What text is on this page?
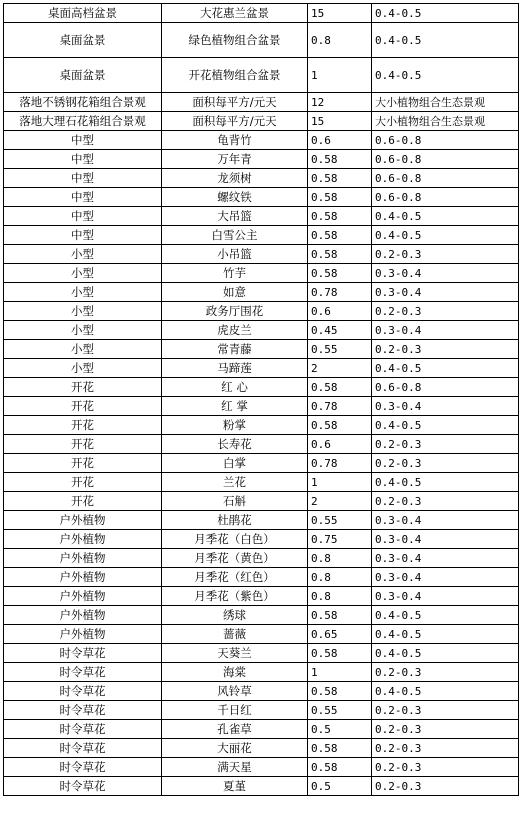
桌面高档盆景	大花惠兰盆景	15	0.4-0.5
桌面盆景	绿色植物组合盆景	0.8	0.4-0.5
桌面盆景	开花植物组合盆景	1	0.4-0.5
落地不锈钢花箱组合景观	面积每平方/元天	12	大小植物组合生态景观
落地大理石花箱组合景观	面积每平方/元天	15	大小植物组合生态景观
中型	龟背竹	0.6	0.6-0.8
中型	万年青	0.58	0.6-0.8
中型	龙须树	0.58	0.6-0.8
中型	螺纹铁	0.58	0.6-0.8
中型	大吊篮	0.58	0.4-0.5
中型	白雪公主	0.58	0.4-0.5
小型	小吊篮	0.58	0.2-0.3
小型	竹芋	0.58	0.3-0.4
小型	如意	0.78	0.3-0.4
小型	政务厅围花	0.6	0.2-0.3
小型	虎皮兰	0.45	0.3-0.4
小型	常青藤	0.55	0.2-0.3
小型	马蹄莲	2	0.4-0.5
开花	红 心	0.58	0.6-0.8
开花	红 掌	0.78	0.3-0.4
开花	粉掌	0.58	0.4-0.5
开花	长寿花	0.6	0.2-0.3
开花	白掌	0.78	0.2-0.3
开花	兰花	1	0.4-0.5
开花	石斛	2	0.2-0.3
户外植物	杜鹃花	0.55	0.3-0.4
户外植物	月季花（白色）	0.75	0.3-0.4
户外植物	月季花（黄色）	0.8	0.3-0.4
户外植物	月季花（红色）	0.8	0.3-0.4
户外植物	月季花（紫色）	0.8	0.3-0.4
户外植物	绣球	0.58	0.4-0.5
户外植物	蔷薇	0.65	0.4-0.5
时令草花	天葵兰	0.58	0.4-0.5
时令草花	海棠	1	0.2-0.3
时令草花	风铃草	0.58	0.4-0.5
时令草花	千日红	0.55	0.2-0.3
时令草花	孔雀草	0.5	0.2-0.3
时令草花	大丽花	0.58	0.2-0.3
时令草花	满天星	0.58	0.2-0.3
时令草花	夏堇	0.5	0.2-0.3
